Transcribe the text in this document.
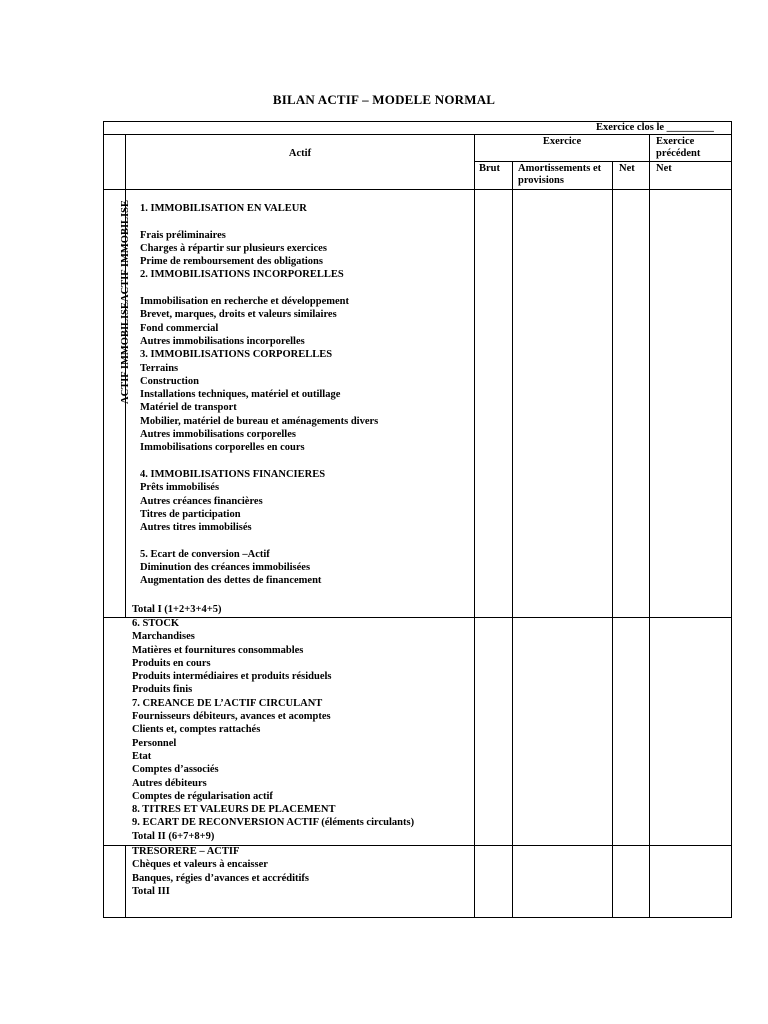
BILAN ACTIF – MODELE NORMAL
Exercice clos le _________
Actif
Exercice	Exercice précédent
Brut Amortissements et provisions
Net Net
ACTIF IMMOBILISEACTIF IMMOBILISE 1. IMMOBILISATION EN VALEUR
Frais préliminaires
Charges à répartir sur plusieurs exercices
Prime de remboursement des obligations
2. IMMOBILISATIONS INCORPORELLES
Immobilisation en recherche et développement
Brevet, marques, droits et valeurs similaires
Fond commercial
Autres immobilisations incorporelles
3. IMMOBILISATIONS CORPORELLES
Terrains
Construction
Installations techniques, matériel et outillage
Matériel de transport
Mobilier, matériel de bureau et aménagements divers
Autres immobilisations corporelles
Immobilisations corporelles en cours
4. IMMOBILISATIONS FINANCIERES
Prêts immobilisés
Autres créances financières
Titres de participation
Autres titres immobilisés
5. Ecart de conversion –Actif
Diminution des créances immobilisées
Augmentation des dettes de financement
Total I (1+2+3+4+5)
6. STOCK
Marchandises
Matières et fournitures consommables
Produits en cours
Produits intermédiaires et produits résiduels
Produits finis
7. CREANCE DE L’ACTIF CIRCULANT
Fournisseurs débiteurs, avances et acomptes
Clients et, comptes rattachés
Personnel
Etat
Comptes d’associés
Autres débiteurs
Comptes de régularisation actif
8. TITRES ET VALEURS DE PLACEMENT
9. ECART DE RECONVERSION ACTIF (éléments circulants)
Total II (6+7+8+9)
TRESORERE – ACTIF
Chèques et valeurs à encaisser
Banques, régies d’avances et accréditifs
Total III
